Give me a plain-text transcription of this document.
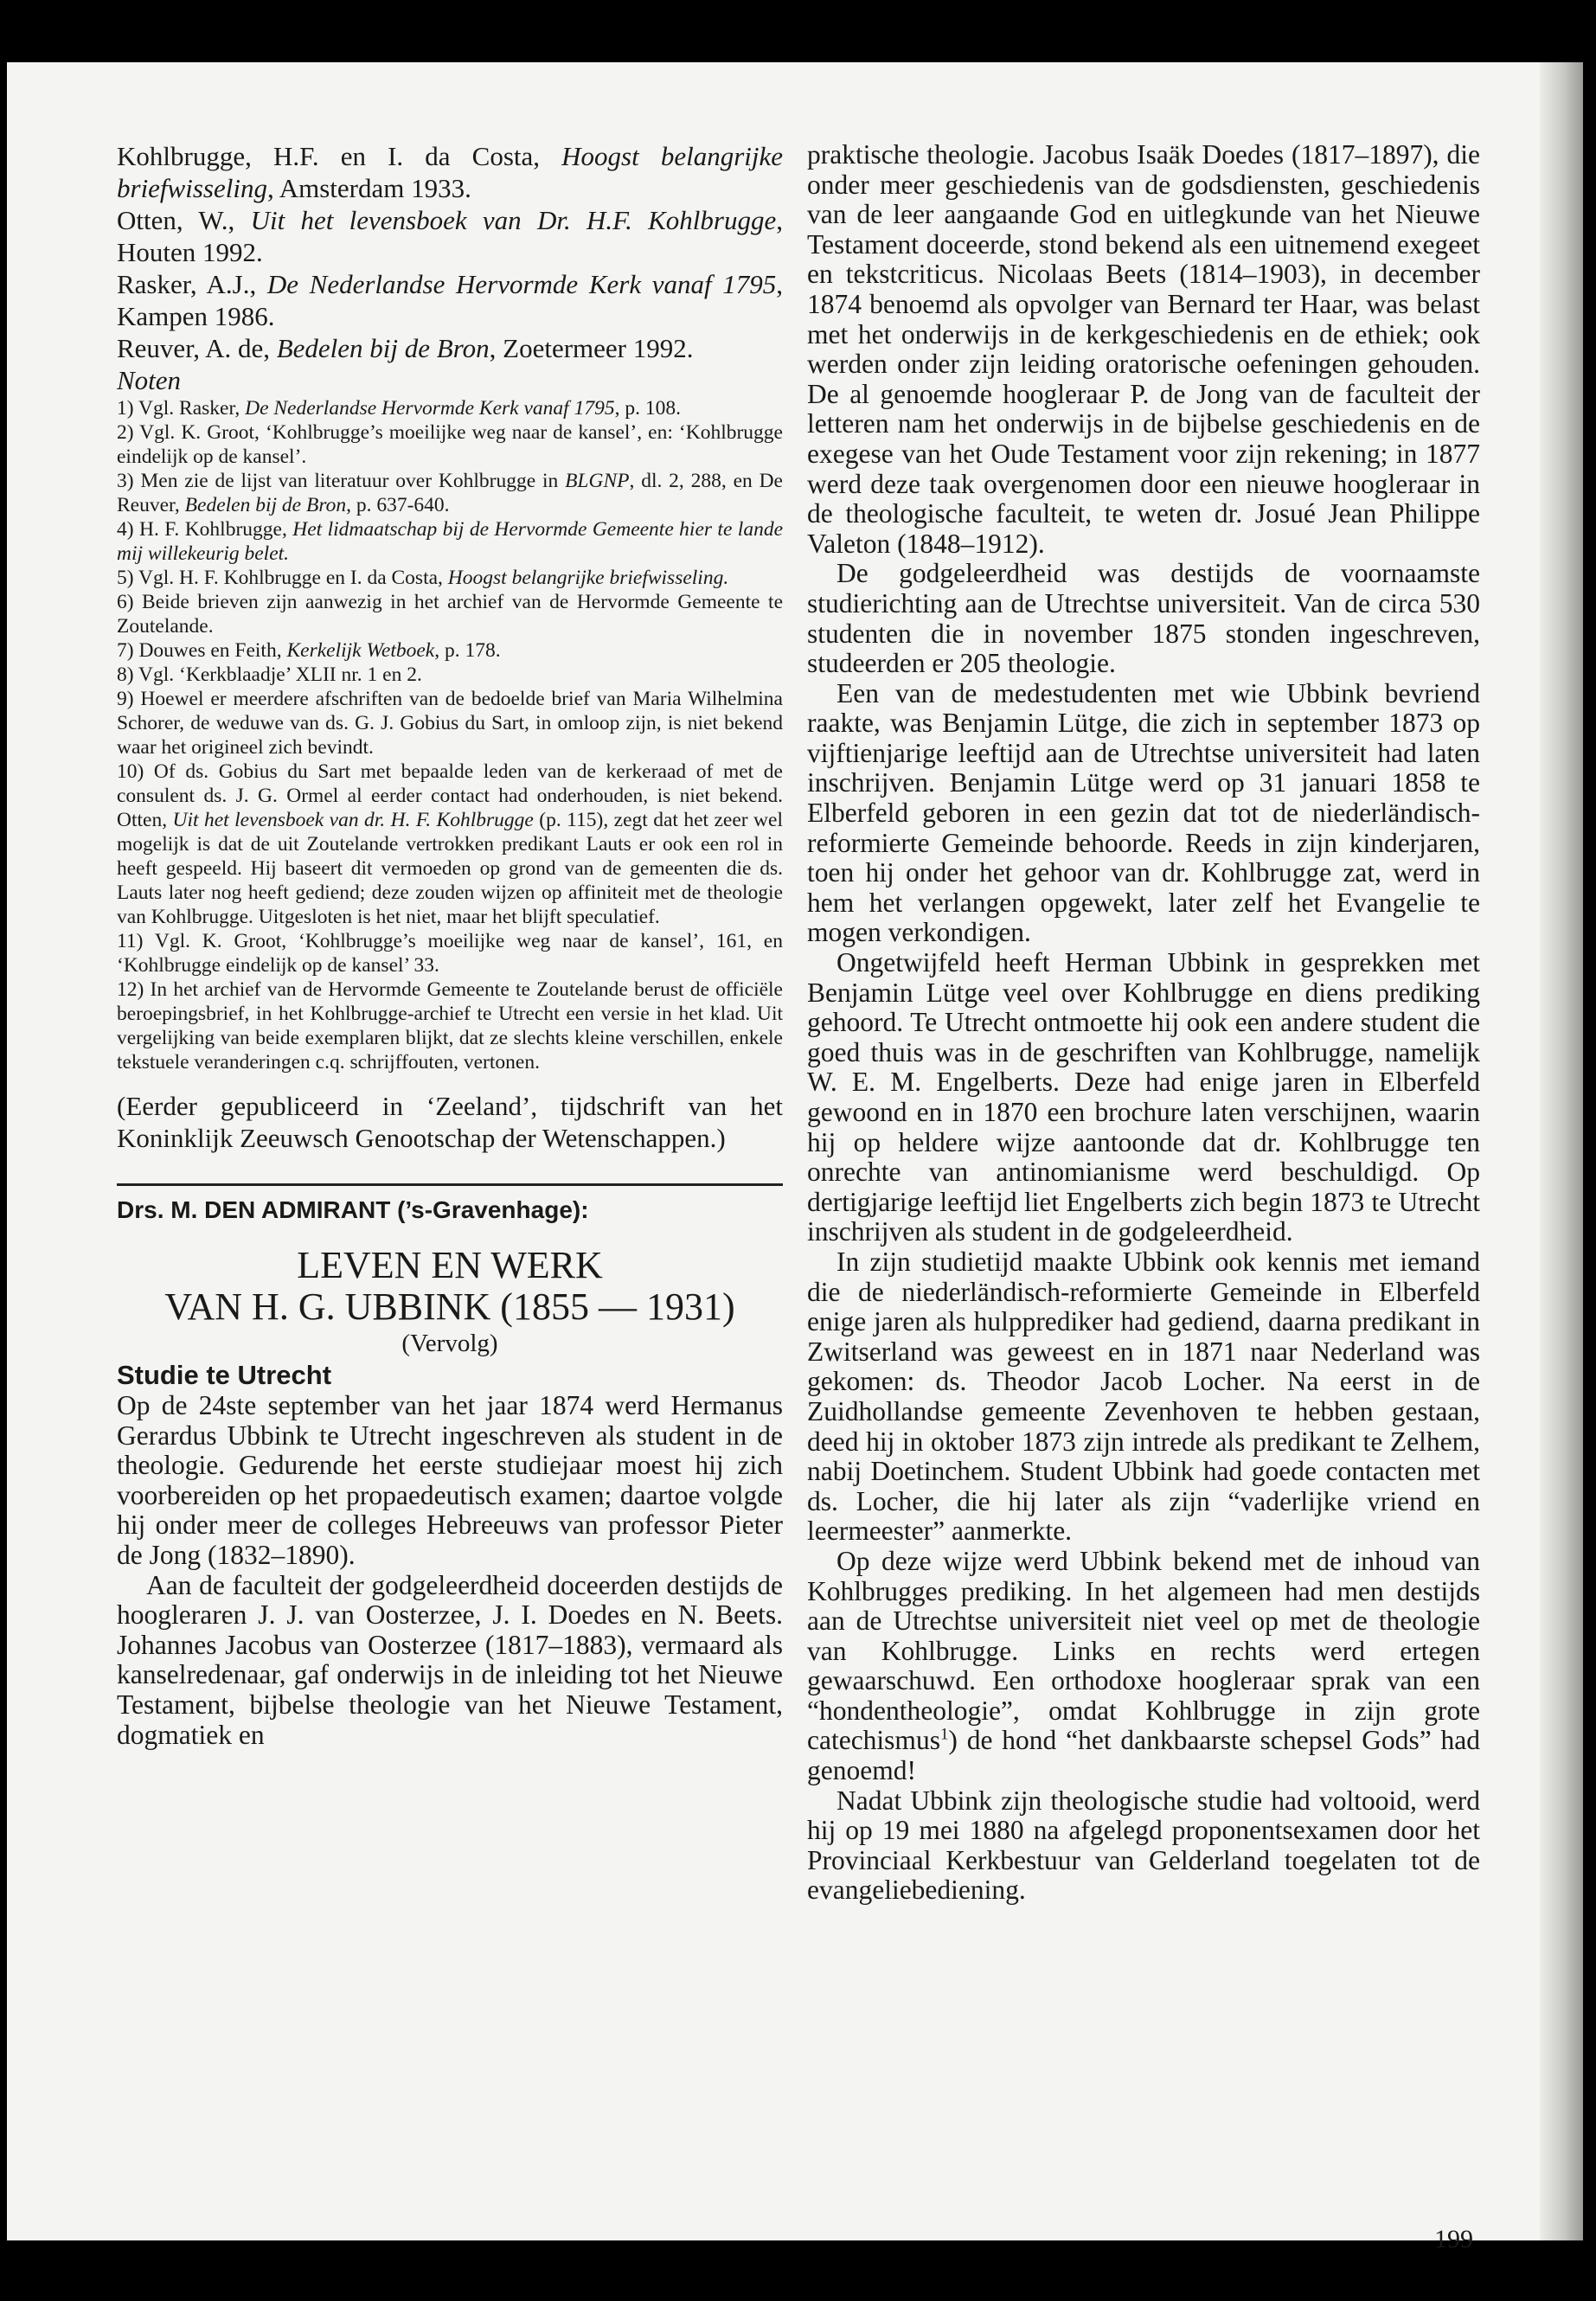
Kohlbrugge, H.F. en I. da Costa, Hoogst belangrijke briefwisseling, Amsterdam 1933.
Otten, W., Uit het levensboek van Dr. H.F. Kohlbrugge, Houten 1992.
Rasker, A.J., De Nederlandse Hervormde Kerk vanaf 1795, Kampen 1986.
Reuver, A. de, Bedelen bij de Bron, Zoetermeer 1992.
Noten
1) Vgl. Rasker, De Nederlandse Hervormde Kerk vanaf 1795, p. 108.
2) Vgl. K. Groot, ‘Kohlbrugge’s moeilijke weg naar de kansel’, en: ‘Kohlbrugge eindelijk op de kansel’.
3) Men zie de lijst van literatuur over Kohlbrugge in BLGNP, dl. 2, 288, en De Reuver, Bedelen bij de Bron, p. 637-640.
4) H. F. Kohlbrugge, Het lidmaatschap bij de Hervormde Gemeente hier te lande mij willekeurig belet.
5) Vgl. H. F. Kohlbrugge en I. da Costa, Hoogst belangrijke briefwisseling.
6) Beide brieven zijn aanwezig in het archief van de Hervormde Gemeente te Zoutelande.
7) Douwes en Feith, Kerkelijk Wetboek, p. 178.
8) Vgl. ‘Kerkblaadje’ XLII nr. 1 en 2.
9) Hoewel er meerdere afschriften van de bedoelde brief van Maria Wilhelmina Schorer, de weduwe van ds. G. J. Gobius du Sart, in omloop zijn, is niet bekend waar het origineel zich bevindt.
10) Of ds. Gobius du Sart met bepaalde leden van de kerkeraad of met de consulent ds. J. G. Ormel al eerder contact had onderhouden, is niet bekend. Otten, Uit het levensboek van dr. H. F. Kohlbrugge (p. 115), zegt dat het zeer wel mogelijk is dat de uit Zoutelande vertrokken predikant Lauts er ook een rol in heeft gespeeld. Hij baseert dit vermoeden op grond van de gemeenten die ds. Lauts later nog heeft gediend; deze zouden wijzen op affiniteit met de theologie van Kohlbrugge. Uitgesloten is het niet, maar het blijft speculatief.
11) Vgl. K. Groot, ‘Kohlbrugge’s moeilijke weg naar de kansel’, 161, en ‘Kohlbrugge eindelijk op de kansel’ 33.
12) In het archief van de Hervormde Gemeente te Zoutelande berust de officiële beroepingsbrief, in het Kohlbrugge-archief te Utrecht een versie in het klad. Uit vergelijking van beide exemplaren blijkt, dat ze slechts kleine verschillen, enkele tekstuele veranderingen c.q. schrijffouten, vertonen.

(Eerder gepubliceerd in ‘Zeeland’, tijdschrift van het Koninklijk Zeeuwsch Genootschap der Wetenschappen.)

Drs. M. DEN ADMIRANT (’s-Gravenhage):

LEVEN EN WERK

VAN H. G. UBBINK (1855 — 1931)

(Vervolg)

Studie te Utrecht

Op de 24ste september van het jaar 1874 werd Hermanus Gerardus Ubbink te Utrecht ingeschreven als student in de theologie. Gedurende het eerste studiejaar moest hij zich voorbereiden op het propaedeutisch examen; daartoe volgde hij onder meer de colleges Hebreeuws van professor Pieter de Jong (1832–1890).

Aan de faculteit der godgeleerdheid doceerden destijds de hoogleraren J. J. van Oosterzee, J. I. Doedes en N. Beets. Johannes Jacobus van Oosterzee (1817–1883), vermaard als kanselredenaar, gaf onderwijs in de inleiding tot het Nieuwe Testament, bijbelse theologie van het Nieuwe Testament, dogmatiek en

praktische theologie. Jacobus Isaäk Doedes (1817–1897), die onder meer geschiedenis van de godsdiensten, geschiedenis van de leer aangaande God en uitlegkunde van het Nieuwe Testament doceerde, stond bekend als een uitnemend exegeet en tekstcriticus. Nicolaas Beets (1814–1903), in december 1874 benoemd als opvolger van Bernard ter Haar, was belast met het onderwijs in de kerkgeschiedenis en de ethiek; ook werden onder zijn leiding oratorische oefeningen gehouden. De al genoemde hoogleraar P. de Jong van de faculteit der letteren nam het onderwijs in de bijbelse geschiedenis en de exegese van het Oude Testament voor zijn rekening; in 1877 werd deze taak overgenomen door een nieuwe hoogleraar in de theologische faculteit, te weten dr. Josué Jean Philippe Valeton (1848–1912).

De godgeleerdheid was destijds de voornaamste studierichting aan de Utrechtse universiteit. Van de circa 530 studenten die in november 1875 stonden ingeschreven, studeerden er 205 theologie.

Een van de medestudenten met wie Ubbink bevriend raakte, was Benjamin Lütge, die zich in september 1873 op vijftienjarige leeftijd aan de Utrechtse universiteit had laten inschrijven. Benjamin Lütge werd op 31 januari 1858 te Elberfeld geboren in een gezin dat tot de niederländisch-reformierte Gemeinde behoorde. Reeds in zijn kinderjaren, toen hij onder het gehoor van dr. Kohlbrugge zat, werd in hem het verlangen opgewekt, later zelf het Evangelie te mogen verkondigen.

Ongetwijfeld heeft Herman Ubbink in gesprekken met Benjamin Lütge veel over Kohlbrugge en diens prediking gehoord. Te Utrecht ontmoette hij ook een andere student die goed thuis was in de geschriften van Kohlbrugge, namelijk W. E. M. Engelberts. Deze had enige jaren in Elberfeld gewoond en in 1870 een brochure laten verschijnen, waarin hij op heldere wijze aantoonde dat dr. Kohlbrugge ten onrechte van antinomianisme werd beschuldigd. Op dertigjarige leeftijd liet Engelberts zich begin 1873 te Utrecht inschrijven als student in de godgeleerdheid.

In zijn studietijd maakte Ubbink ook kennis met iemand die de niederländisch-reformierte Gemeinde in Elberfeld enige jaren als hulpprediker had gediend, daarna predikant in Zwitserland was geweest en in 1871 naar Nederland was gekomen: ds. Theodor Jacob Locher. Na eerst in de Zuidhollandse gemeente Zevenhoven te hebben gestaan, deed hij in oktober 1873 zijn intrede als predikant te Zelhem, nabij Doetinchem. Student Ubbink had goede contacten met ds. Locher, die hij later als zijn “vaderlijke vriend en leermeester” aanmerkte.

Op deze wijze werd Ubbink bekend met de inhoud van Kohlbrugges prediking. In het algemeen had men destijds aan de Utrechtse universiteit niet veel op met de theologie van Kohlbrugge. Links en rechts werd ertegen gewaarschuwd. Een orthodoxe hoogleraar sprak van een “hondentheologie”, omdat Kohlbrugge in zijn grote catechismus$^1$) de hond “het dankbaarste schepsel Gods” had genoemd!

Nadat Ubbink zijn theologische studie had voltooid, werd hij op 19 mei 1880 na afgelegd proponentsexamen door het Provinciaal Kerkbestuur van Gelderland toegelaten tot de evangeliebediening.

199
